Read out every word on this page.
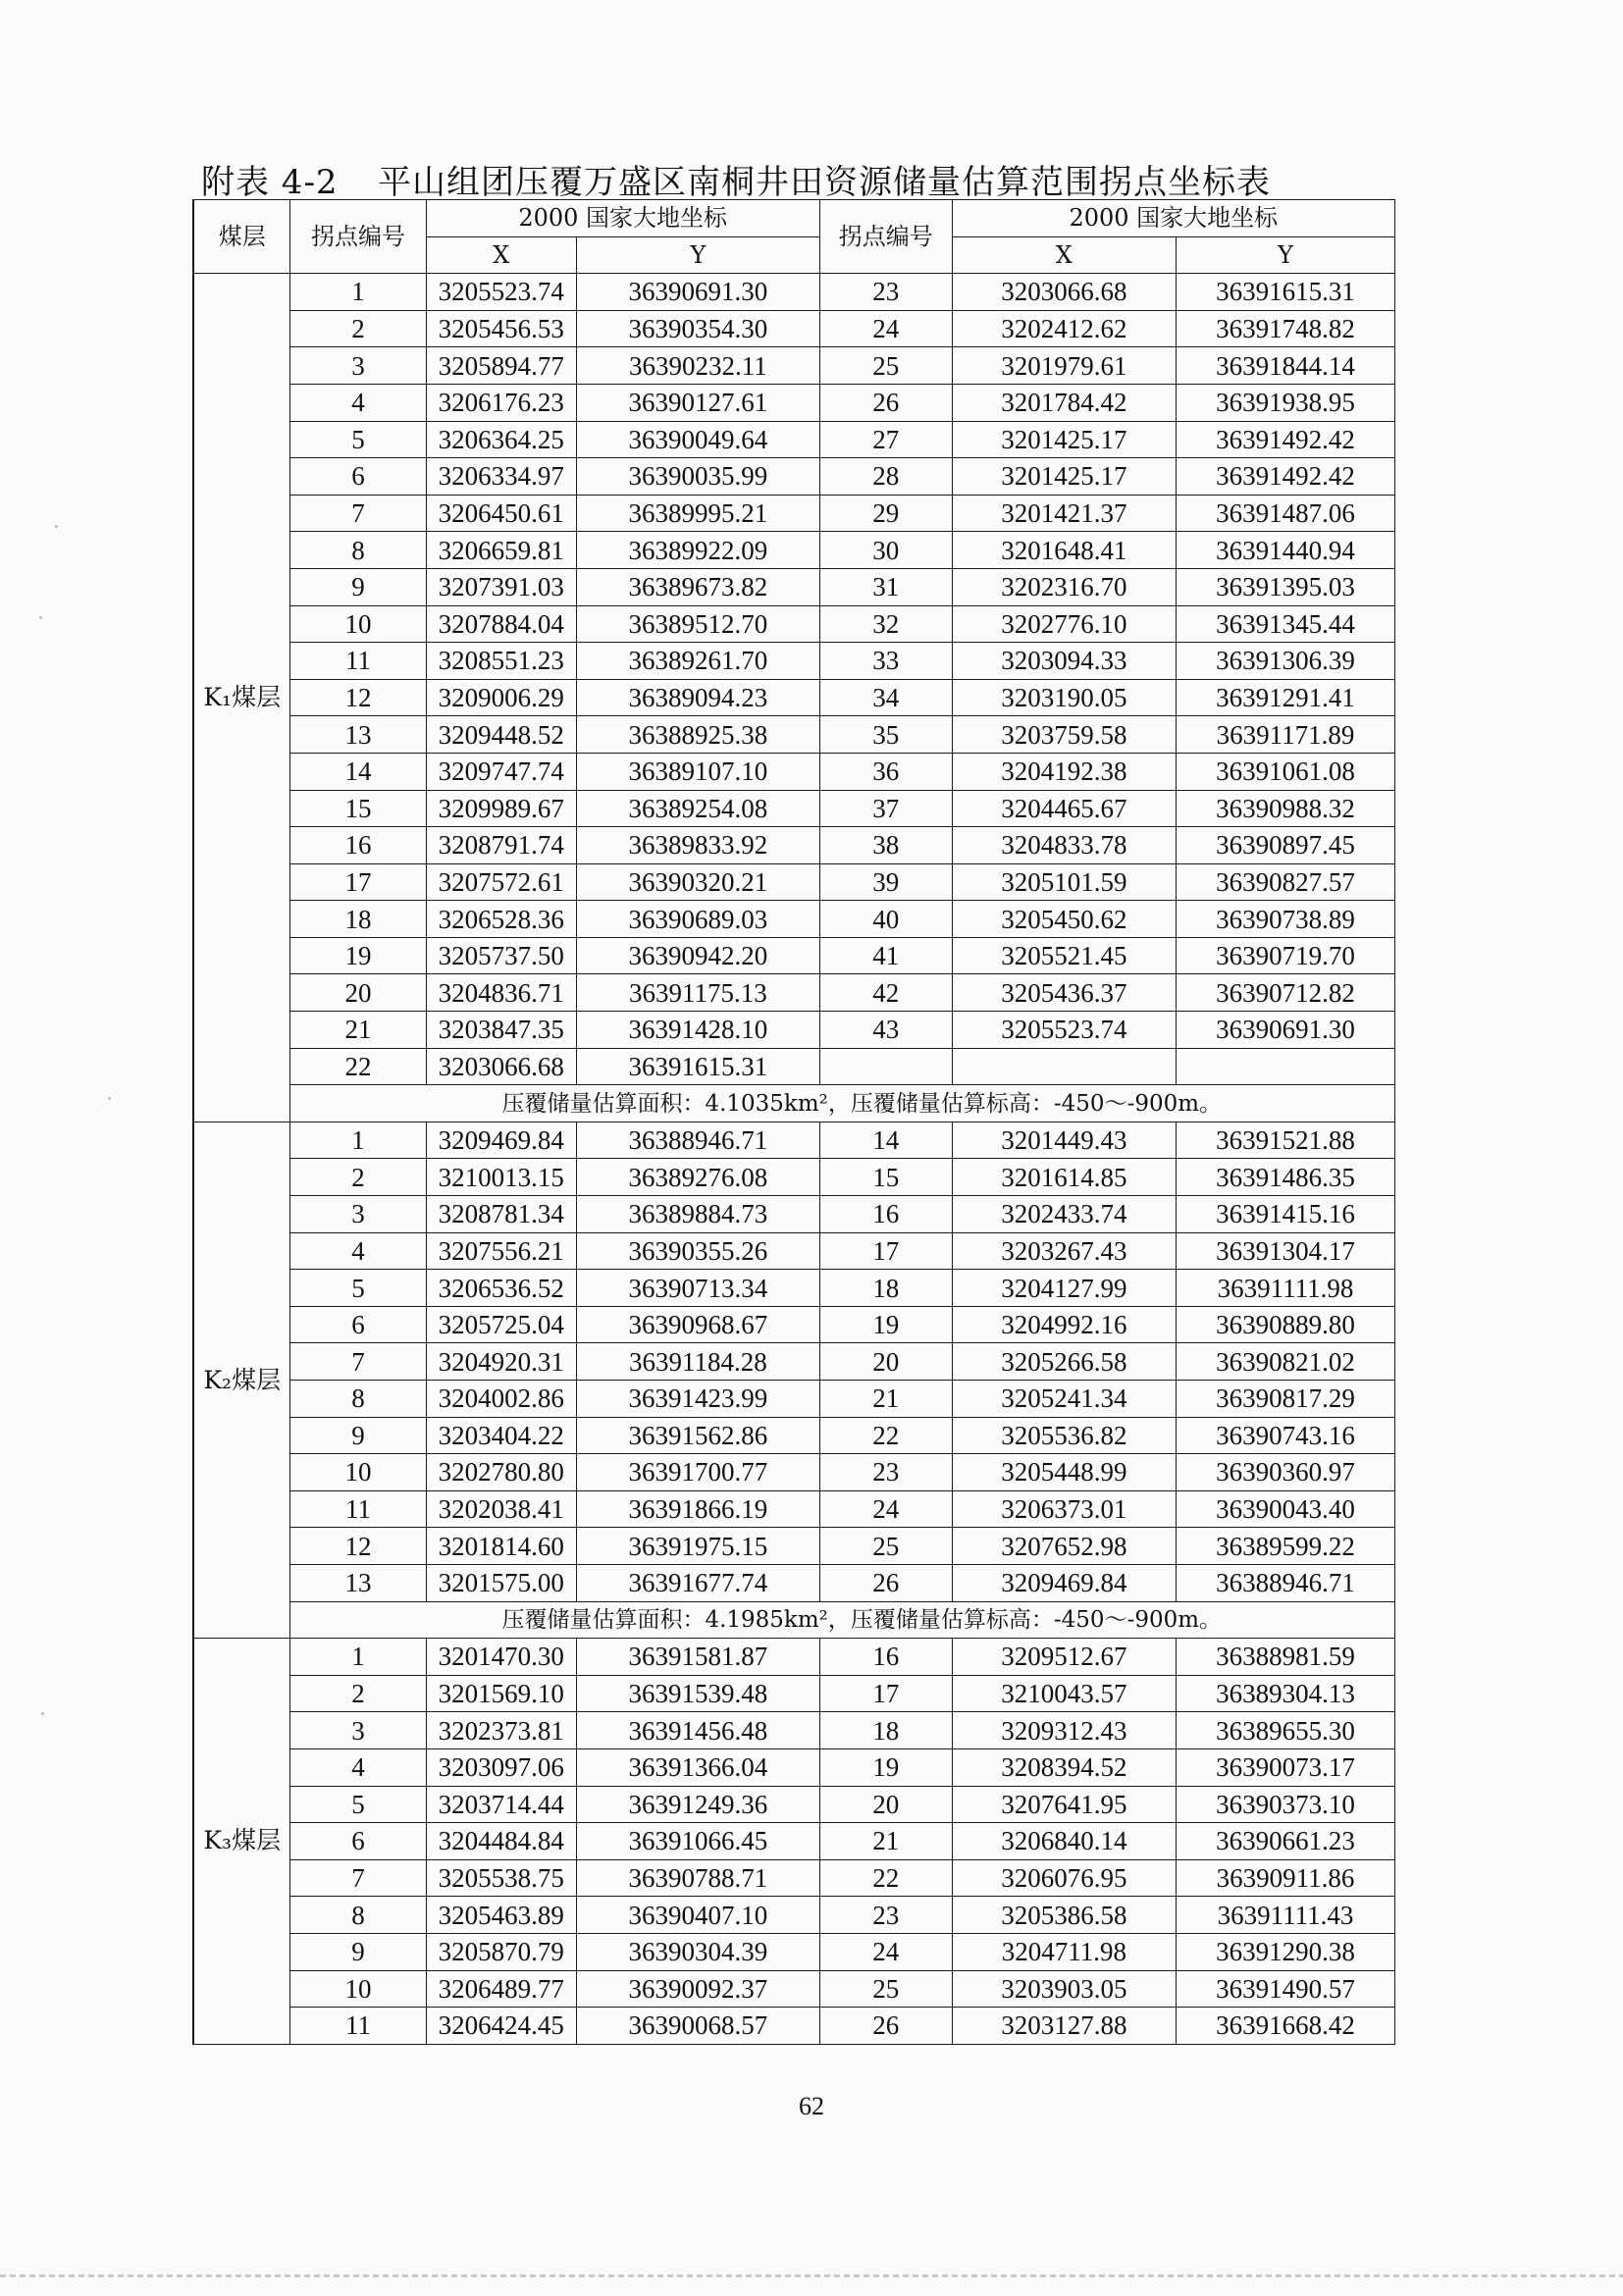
附表 4-2 平山组团压覆万盛区南桐井田资源储量估算范围拐点坐标表
煤层	拐点编号	2000 国家大地坐标		拐点编号	2000 国家大地坐标	
		X	Y		X	Y
K₁煤层	1	3205523.74	36390691.30	23	3203066.68	36391615.31
	2	3205456.53	36390354.30	24	3202412.62	36391748.82
	3	3205894.77	36390232.11	25	3201979.61	36391844.14
	4	3206176.23	36390127.61	26	3201784.42	36391938.95
	5	3206364.25	36390049.64	27	3201425.17	36391492.42
	6	3206334.97	36390035.99	28	3201425.17	36391492.42
	7	3206450.61	36389995.21	29	3201421.37	36391487.06
	8	3206659.81	36389922.09	30	3201648.41	36391440.94
	9	3207391.03	36389673.82	31	3202316.70	36391395.03
	10	3207884.04	36389512.70	32	3202776.10	36391345.44
	11	3208551.23	36389261.70	33	3203094.33	36391306.39
	12	3209006.29	36389094.23	34	3203190.05	36391291.41
	13	3209448.52	36388925.38	35	3203759.58	36391171.89
	14	3209747.74	36389107.10	36	3204192.38	36391061.08
	15	3209989.67	36389254.08	37	3204465.67	36390988.32
	16	3208791.74	36389833.92	38	3204833.78	36390897.45
	17	3207572.61	36390320.21	39	3205101.59	36390827.57
	18	3206528.36	36390689.03	40	3205450.62	36390738.89
	19	3205737.50	36390942.20	41	3205521.45	36390719.70
	20	3204836.71	36391175.13	42	3205436.37	36390712.82
	21	3203847.35	36391428.10	43	3205523.74	36390691.30
	22	3203066.68	36391615.31			
	压覆储量估算面积：4.1035km²，压覆储量估算标高：-450～-900m。					
K₂煤层	1	3209469.84	36388946.71	14	3201449.43	36391521.88
	2	3210013.15	36389276.08	15	3201614.85	36391486.35
	3	3208781.34	36389884.73	16	3202433.74	36391415.16
	4	3207556.21	36390355.26	17	3203267.43	36391304.17
	5	3206536.52	36390713.34	18	3204127.99	36391111.98
	6	3205725.04	36390968.67	19	3204992.16	36390889.80
	7	3204920.31	36391184.28	20	3205266.58	36390821.02
	8	3204002.86	36391423.99	21	3205241.34	36390817.29
	9	3203404.22	36391562.86	22	3205536.82	36390743.16
	10	3202780.80	36391700.77	23	3205448.99	36390360.97
	11	3202038.41	36391866.19	24	3206373.01	36390043.40
	12	3201814.60	36391975.15	25	3207652.98	36389599.22
	13	3201575.00	36391677.74	26	3209469.84	36388946.71
	压覆储量估算面积：4.1985km²，压覆储量估算标高：-450～-900m。					
K₃煤层	1	3201470.30	36391581.87	16	3209512.67	36388981.59
	2	3201569.10	36391539.48	17	3210043.57	36389304.13
	3	3202373.81	36391456.48	18	3209312.43	36389655.30
	4	3203097.06	36391366.04	19	3208394.52	36390073.17
	5	3203714.44	36391249.36	20	3207641.95	36390373.10
	6	3204484.84	36391066.45	21	3206840.14	36390661.23
	7	3205538.75	36390788.71	22	3206076.95	36390911.86
	8	3205463.89	36390407.10	23	3205386.58	36391111.43
	9	3205870.79	36390304.39	24	3204711.98	36391290.38
	10	3206489.77	36390092.37	25	3203903.05	36391490.57
	11	3206424.45	36390068.57	26	3203127.88	36391668.42
62
